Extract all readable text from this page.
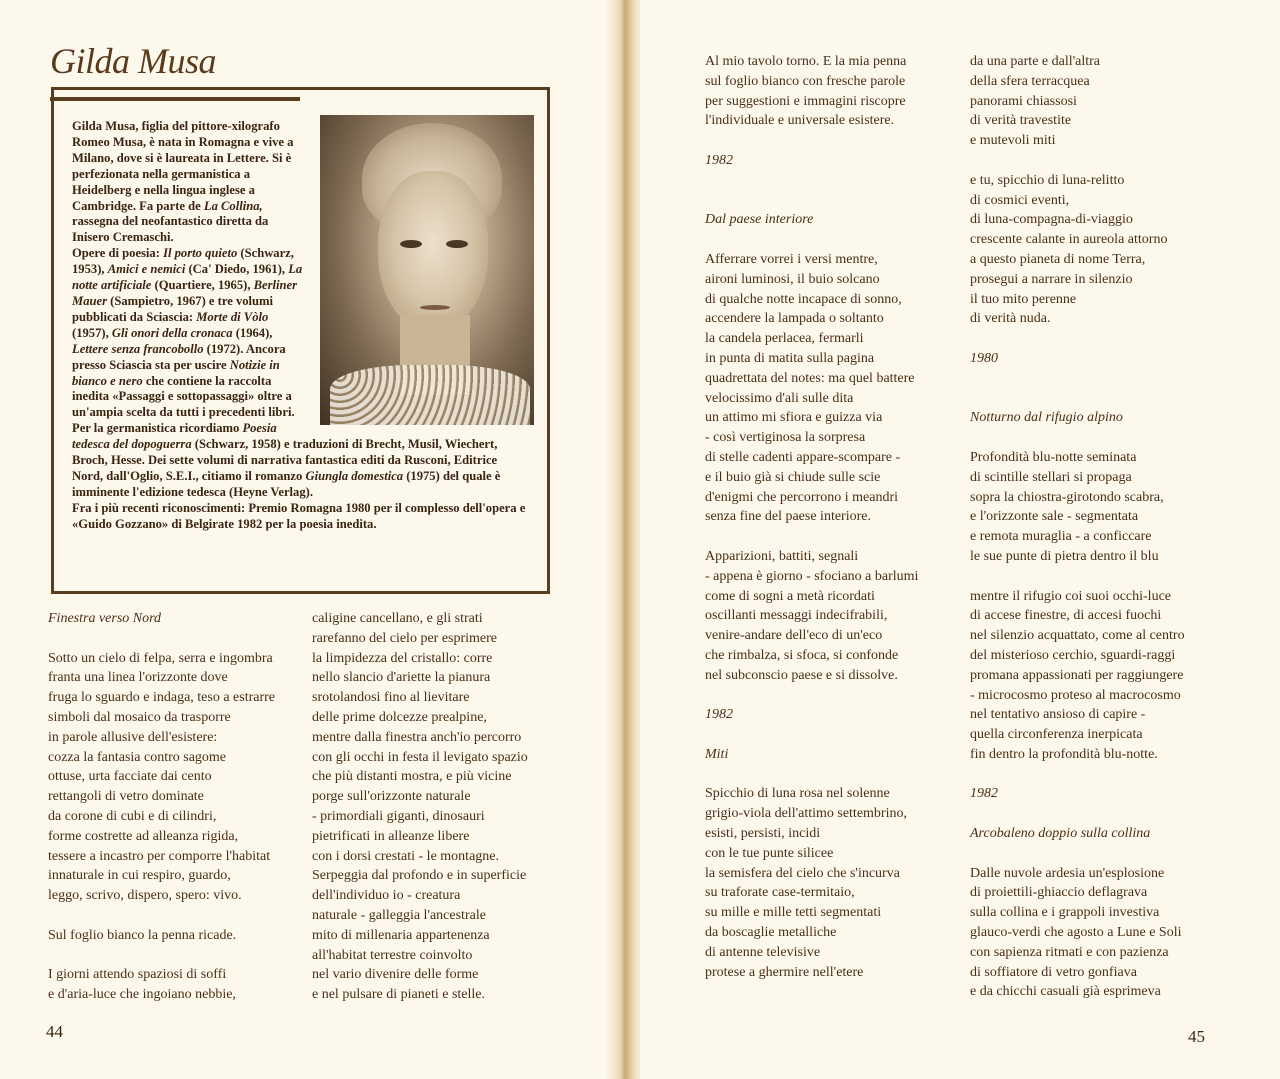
Gilda Musa

Gilda Musa, figlia del pittore-xilografo Romeo Musa, è nata in Romagna e vive a Milano, dove si è laureata in Lettere. Si è perfezionata nella germanistica a Heidelberg e nella lingua inglese a Cambridge. Fa parte de La Collina, rassegna del neofantastico diretta da Inisero Cremaschi.
Opere di poesia: Il porto quieto (Schwarz, 1953), Amici e nemici (Ca' Diedo, 1961), La notte artificiale (Quartiere, 1965), Berliner Mauer (Sampietro, 1967) e tre volumi pubblicati da Sciascia: Morte di Vòlo (1957), Gli onori della cronaca (1964), Lettere senza francobollo (1972). Ancora presso Sciascia sta per uscire Notizie in bianco e nero che contiene la raccolta inedita «Passaggi e sottopassaggi» oltre a un'ampia scelta da tutti i precedenti libri. Per la germanistica ricordiamo Poesia tedesca del dopoguerra (Schwarz, 1958) e traduzioni di Brecht, Musil, Wiechert, Broch, Hesse. Dei sette volumi di narrativa fantastica editi da Rusconi, Editrice Nord, dall'Oglio, S.E.I., citiamo il romanzo Giungla domestica (1975) del quale è imminente l'edizione tedesca (Heyne Verlag).
Fra i più recenti riconoscimenti: Premio Romagna 1980 per il complesso dell'opera e «Guido Gozzano» di Belgirate 1982 per la poesia inedita.

Finestra verso Nord
Sotto un cielo di felpa, serra e ingombra
franta una linea l'orizzonte dove
fruga lo sguardo e indaga, teso a estrarre
simboli dal mosaico da trasporre
in parole allusive dell'esistere:
cozza la fantasia contro sagome
ottuse, urta facciate dai cento
rettangoli di vetro dominate
da corone di cubi e di cilindri,
forme costrette ad alleanza rigida,
tessere a incastro per comporre l'habitat
innaturale in cui respiro, guardo,
leggo, scrivo, dispero, spero: vivo.
Sul foglio bianco la penna ricade.
I giorni attendo spaziosi di soffi
e d'aria-luce che ingoiano nebbie,
caligine cancellano, e gli strati
rarefanno del cielo per esprimere
la limpidezza del cristallo: corre
nello slancio d'ariette la pianura
srotolandosi fino al lievitare
delle prime dolcezze prealpine,
mentre dalla finestra anch'io percorro
con gli occhi in festa il levigato spazio
che più distanti mostra, e più vicine
porge sull'orizzonte naturale
- primordiali giganti, dinosauri
pietrificati in alleanze libere
con i dorsi crestati - le montagne.
Serpeggia dal profondo e in superficie
dell'individuo io - creatura
naturale - galleggia l'ancestrale
mito di millenaria appartenenza
all'habitat terrestre coinvolto
nel vario divenire delle forme
e nel pulsare di pianeti e stelle.
44
Al mio tavolo torno. E la mia penna
sul foglio bianco con fresche parole
per suggestioni e immagini riscopre
l'individuale e universale esistere.
1982
Dal paese interiore
Afferrare vorrei i versi mentre,
aironi luminosi, il buio solcano
di qualche notte incapace di sonno,
accendere la lampada o soltanto
la candela perlacea, fermarli
in punta di matita sulla pagina
quadrettata del notes: ma quel battere
velocissimo d'ali sulle dita
un attimo mi sfiora e guizza via
- così vertiginosa la sorpresa
di stelle cadenti appare-scompare -
e il buio già si chiude sulle scie
d'enigmi che percorrono i meandri
senza fine del paese interiore.
Apparizioni, battiti, segnali
- appena è giorno - sfociano a barlumi
come di sogni a metà ricordati
oscillanti messaggi indecifrabili,
venire-andare dell'eco di un'eco
che rimbalza, si sfoca, si confonde
nel subconscio paese e si dissolve.
1982
Miti
Spicchio di luna rosa nel solenne
grigio-viola dell'attimo settembrino,
esisti, persisti, incidi
con le tue punte silicee
la semisfera del cielo che s'incurva
su traforate case-termitaio,
su mille e mille tetti segmentati
da boscaglie metalliche
di antenne televisive
protese a ghermire nell'etere
da una parte e dall'altra
della sfera terracquea
panorami chiassosi
di verità travestite
e mutevoli miti
e tu, spicchio di luna-relitto
di cosmici eventi,
di luna-compagna-di-viaggio
crescente calante in aureola attorno
a questo pianeta di nome Terra,
prosegui a narrare in silenzio
il tuo mito perenne
di verità nuda.
1980
Notturno dal rifugio alpino
Profondità blu-notte seminata
di scintille stellari si propaga
sopra la chiostra-girotondo scabra,
e l'orizzonte sale - segmentata
e remota muraglia - a conficcare
le sue punte di pietra dentro il blu
mentre il rifugio coi suoi occhi-luce
di accese finestre, di accesi fuochi
nel silenzio acquattato, come al centro
del misterioso cerchio, sguardi-raggi
promana appassionati per raggiungere
- microcosmo proteso al macrocosmo
nel tentativo ansioso di capire -
quella circonferenza inerpicata
fin dentro la profondità blu-notte.
1982
Arcobaleno doppio sulla collina
Dalle nuvole ardesia un'esplosione
di proiettili-ghiaccio deflagrava
sulla collina e i grappoli investiva
glauco-verdi che agosto a Lune e Soli
con sapienza ritmati e con pazienza
di soffiatore di vetro gonfiava
e da chicchi casuali già esprimeva
45
